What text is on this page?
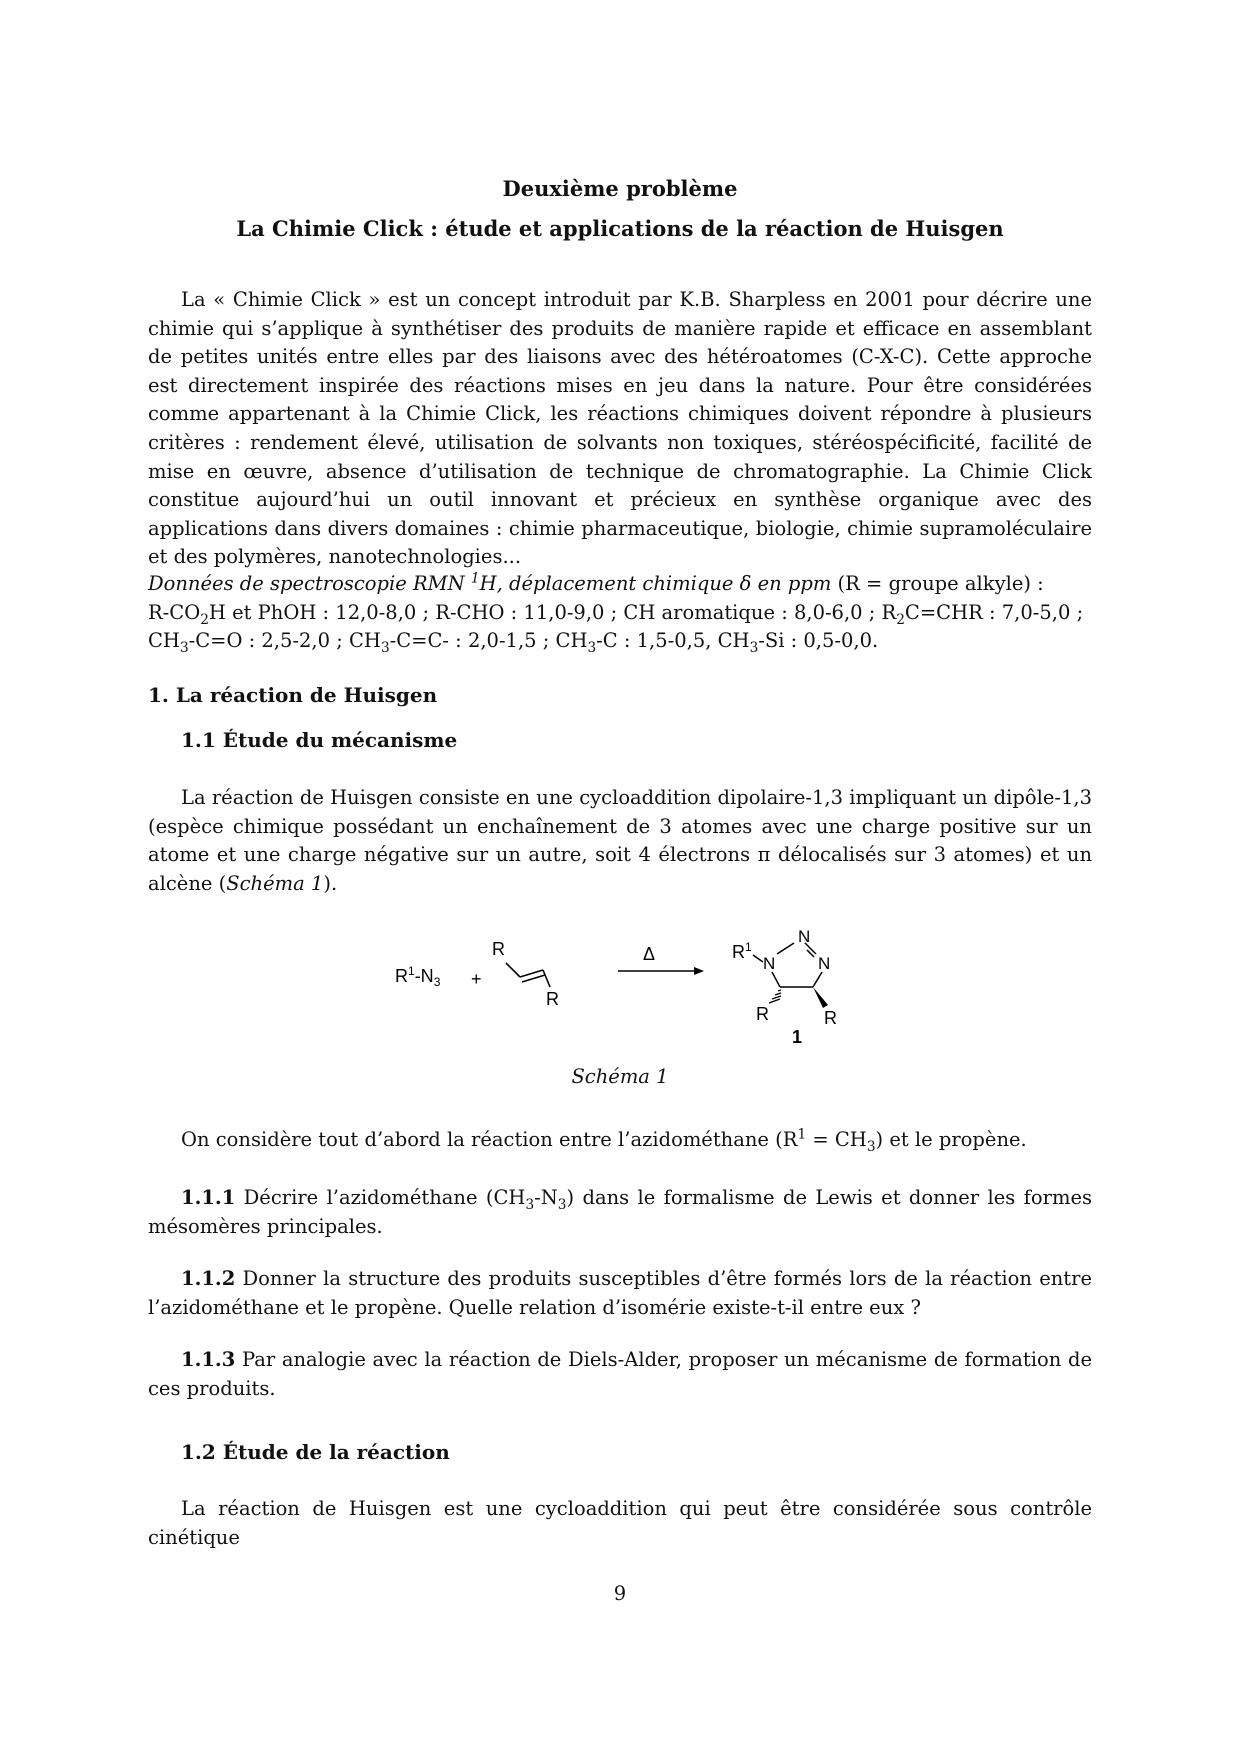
Deuxième problème
La Chimie Click : étude et applications de la réaction de Huisgen

La « Chimie Click » est un concept introduit par K.B. Sharpless en 2001 pour décrire une chimie qui s’applique à synthétiser des produits de manière rapide et efficace en assemblant de petites unités entre elles par des liaisons avec des hétéroatomes (C-X-C). Cette approche est directement inspirée des réactions mises en jeu dans la nature. Pour être considérées comme appartenant à la Chimie Click, les réactions chimiques doivent répondre à plusieurs critères : rendement élevé, utilisation de solvants non toxiques, stéréospécificité, facilité de mise en œuvre, absence d’utilisation de technique de chromatographie. La Chimie Click constitue aujourd’hui un outil innovant et précieux en synthèse organique avec des applications dans divers domaines : chimie pharmaceutique, biologie, chimie supramoléculaire et des polymères, nanotechnologies...

Données de spectroscopie RMN $^1$H, déplacement chimique δ en ppm (R = groupe alkyle) :
$R-CO_2H$ et PhOH : 12,0-8,0 ; R-CHO : 11,0-9,0 ; CH aromatique : 8,0-6,0 ; $R_2C=CHR$ : 7,0-5,0 ;
$CH_3-C=O$ : 2,5-2,0 ; $CH_3-C=C-$ : 2,0-1,5 ; $CH_3-C$ : 1,5-0,5, $CH_3-Si$ : 0,5-0,0.

1. La réaction de Huisgen
1.1 Étude du mécanisme

La réaction de Huisgen consiste en une cycloaddition dipolaire-1,3 impliquant un dipôle-1,3 (espèce chimique possédant un enchaînement de 3 atomes avec une charge positive sur un atome et une charge négative sur un autre, soit 4 électrons π délocalisés sur 3 atomes) et un alcène (Schéma 1).

$R^1-N_3$ +
R
R
Δ	$R^1$
N
N
N
R	R
1
Schéma 1

On considère tout d’abord la réaction entre l’azidométhane $(R^1 = CH_3)$ et le propène.

1.1.1 Décrire l’azidométhane $(CH_3-N_3)$ dans le formalisme de Lewis et donner les formes mésomères principales.

1.1.2 Donner la structure des produits susceptibles d’être formés lors de la réaction entre l’azidométhane et le propène. Quelle relation d’isomérie existe-t-il entre eux ?

1.1.3 Par analogie avec la réaction de Diels-Alder, proposer un mécanisme de formation de ces produits.

1.2 Étude de la réaction

La réaction de Huisgen est une cycloaddition qui peut être considérée sous contrôle cinétique

9
